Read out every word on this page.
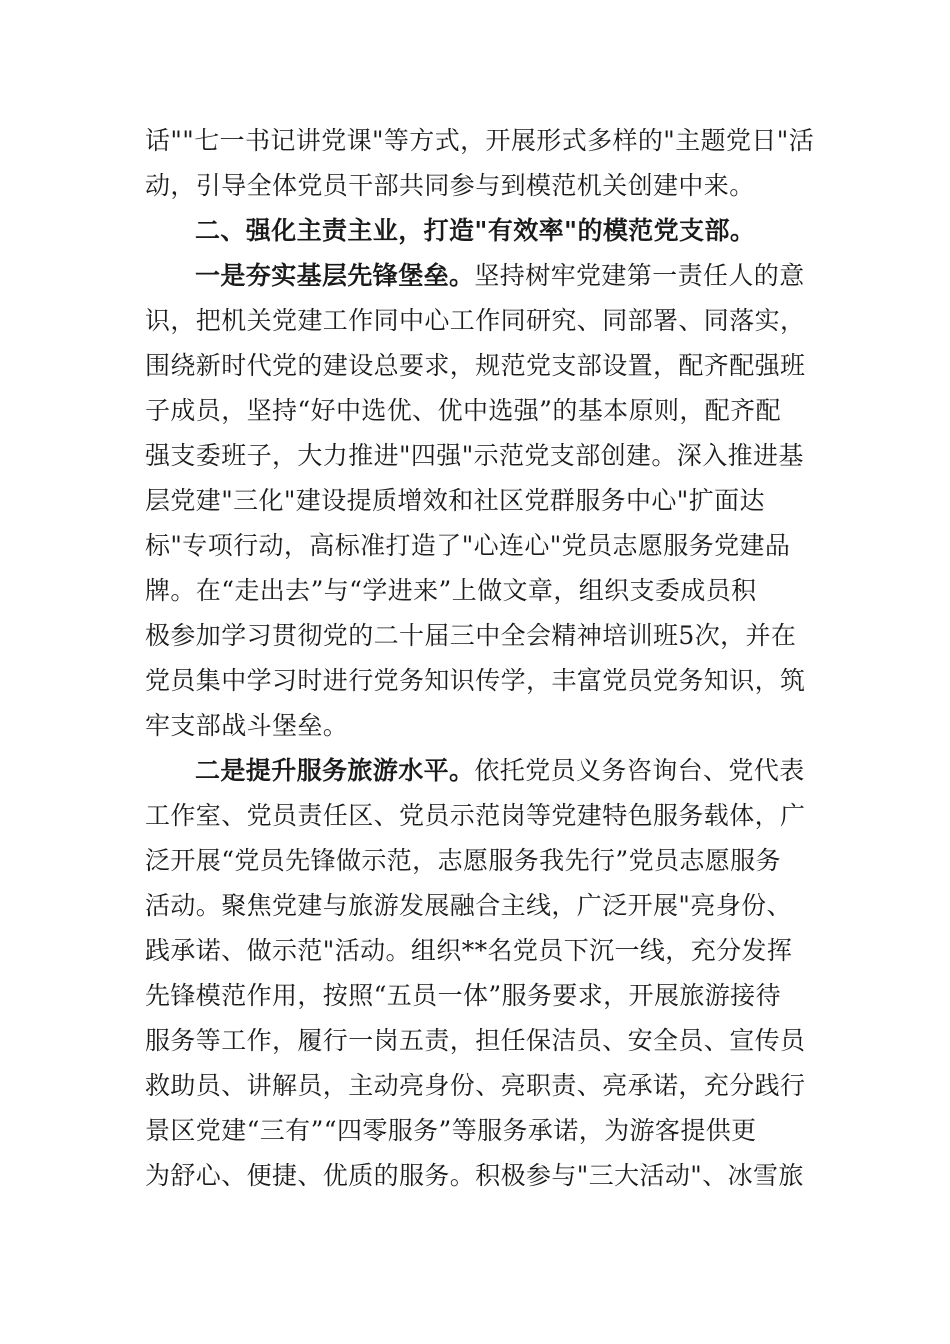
话""七一书记讲党课"等方式，开展形式多样的"主题党日"活
动，引导全体党员干部共同参与到模范机关创建中来。
二、强化主责主业，打造"有效率"的模范党支部。
一是夯实基层先锋堡垒。坚持树牢党建第一责任人的意
识，把机关党建工作同中心工作同研究、同部署、同落实，
围绕新时代党的建设总要求，规范党支部设置，配齐配强班
子成员，坚持“好中选优、优中选强”的基本原则，配齐配
强支委班子，大力推进"四强"示范党支部创建。深入推进基
层党建"三化"建设提质增效和社区党群服务中心"扩面达
标"专项行动，高标准打造了"心连心"党员志愿服务党建品
牌。在“走出去”与“学进来”上做文章，组织支委成员积
极参加学习贯彻党的二十届三中全会精神培训班5次，并在
党员集中学习时进行党务知识传学，丰富党员党务知识，筑
牢支部战斗堡垒。
二是提升服务旅游水平。依托党员义务咨询台、党代表
工作室、党员责任区、党员示范岗等党建特色服务载体，广
泛开展“党员先锋做示范，志愿服务我先行”党员志愿服务
活动。聚焦党建与旅游发展融合主线，广泛开展"亮身份、
践承诺、做示范"活动。组织**名党员下沉一线，充分发挥
先锋模范作用，按照“五员一体”服务要求，开展旅游接待
服务等工作，履行一岗五责，担任保洁员、安全员、宣传员
救助员、讲解员，主动亮身份、亮职责、亮承诺，充分践行
景区党建“三有”“四零服务”等服务承诺，为游客提供更
为舒心、便捷、优质的服务。积极参与"三大活动"、冰雪旅
